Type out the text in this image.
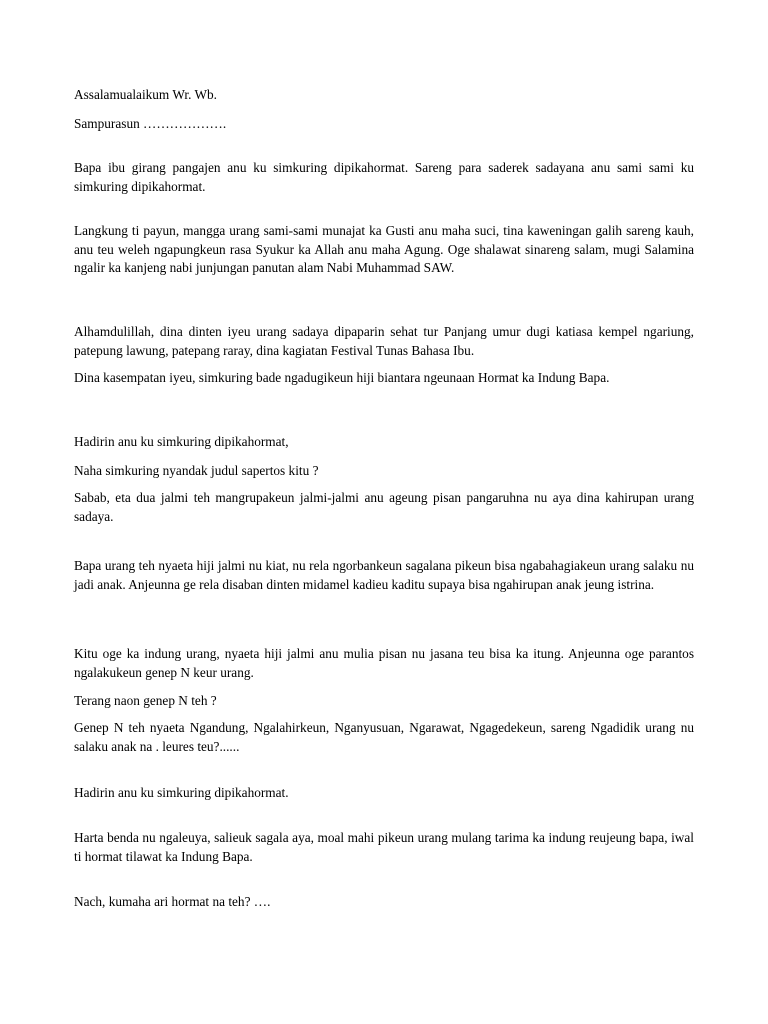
Assalamualaikum Wr. Wb.

Sampurasun ……………….

Bapa ibu girang pangajen anu ku simkuring dipikahormat. Sareng para saderek sadayana anu sami sami ku simkuring dipikahormat.

Langkung ti payun, mangga urang sami-sami munajat ka Gusti anu maha suci, tina kaweningan galih sareng kauh, anu teu weleh ngapungkeun rasa Syukur ka Allah anu maha Agung. Oge shalawat sinareng salam, mugi Salamina ngalir ka kanjeng nabi junjungan panutan alam Nabi Muhammad SAW.

Alhamdulillah, dina dinten iyeu urang sadaya dipaparin sehat tur Panjang umur dugi katiasa kempel ngariung, patepung lawung, patepang raray, dina kagiatan Festival Tunas Bahasa Ibu.

Dina kasempatan iyeu, simkuring bade ngadugikeun hiji biantara ngeunaan Hormat ka Indung Bapa.

Hadirin anu ku simkuring dipikahormat,

Naha simkuring nyandak judul sapertos kitu ?

Sabab, eta dua jalmi teh mangrupakeun jalmi-jalmi anu ageung pisan pangaruhna nu aya dina kahirupan urang sadaya.

Bapa urang teh nyaeta hiji jalmi nu kiat, nu rela ngorbankeun sagalana pikeun bisa ngabahagiakeun urang salaku nu jadi anak. Anjeunna ge rela disaban dinten midamel kadieu kaditu supaya bisa ngahirupan anak jeung istrina.

Kitu oge ka indung urang, nyaeta hiji jalmi anu mulia pisan nu jasana teu bisa ka itung. Anjeunna oge parantos ngalakukeun genep N keur urang.

Terang naon genep N teh ?

Genep N teh nyaeta Ngandung, Ngalahirkeun, Nganyusuan, Ngarawat, Ngagedekeun, sareng Ngadidik urang nu salaku anak na . leures teu?......

Hadirin anu ku simkuring dipikahormat.

Harta benda nu ngaleuya, salieuk sagala aya, moal mahi pikeun urang mulang tarima ka indung reujeung bapa, iwal ti hormat tilawat ka Indung Bapa.

Nach, kumaha ari hormat na teh? ….
